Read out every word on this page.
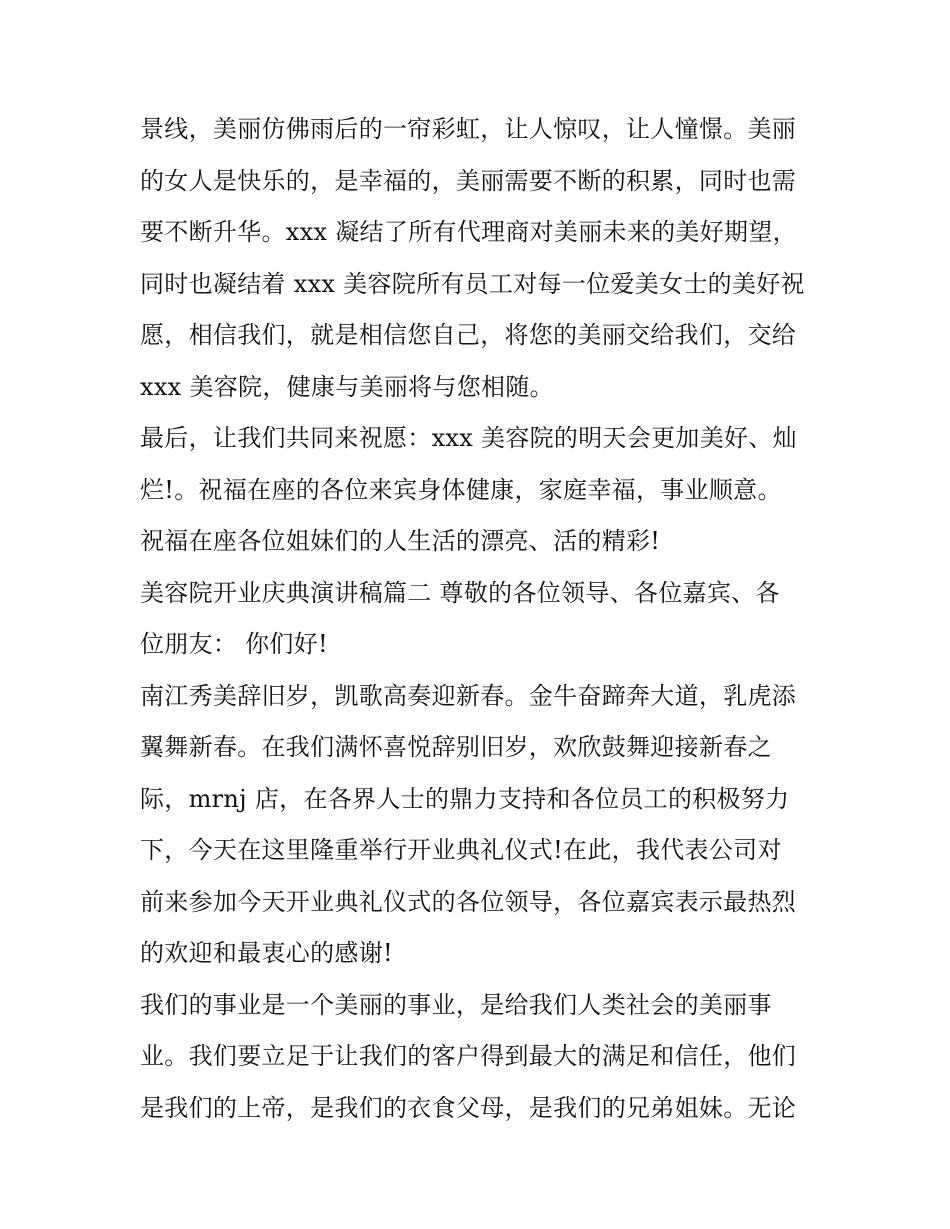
景线，美丽仿佛雨后的一帘彩虹，让人惊叹，让人憧憬。美丽
的女人是快乐的，是幸福的，美丽需要不断的积累，同时也需
要不断升华。xxx 凝结了所有代理商对美丽未来的美好期望，
同时也凝结着 xxx 美容院所有员工对每一位爱美女士的美好祝
愿，相信我们，就是相信您自己，将您的美丽交给我们，交给
xxx 美容院，健康与美丽将与您相随。
最后，让我们共同来祝愿：xxx 美容院的明天会更加美好、灿
烂!。祝福在座的各位来宾身体健康，家庭幸福，事业顺意。
祝福在座各位姐妹们的人生活的漂亮、活的精彩!
美容院开业庆典演讲稿篇二 尊敬的各位领导、各位嘉宾、各
位朋友： 你们好!
南江秀美辞旧岁，凯歌高奏迎新春。金牛奋蹄奔大道，乳虎添
翼舞新春。在我们满怀喜悦辞别旧岁，欢欣鼓舞迎接新春之
际，mrnj 店，在各界人士的鼎力支持和各位员工的积极努力
下，今天在这里隆重举行开业典礼仪式!在此，我代表公司对
前来参加今天开业典礼仪式的各位领导，各位嘉宾表示最热烈
的欢迎和最衷心的感谢!
我们的事业是一个美丽的事业，是给我们人类社会的美丽事
业。我们要立足于让我们的客户得到最大的满足和信任，他们
是我们的上帝，是我们的衣食父母，是我们的兄弟姐妹。无论
